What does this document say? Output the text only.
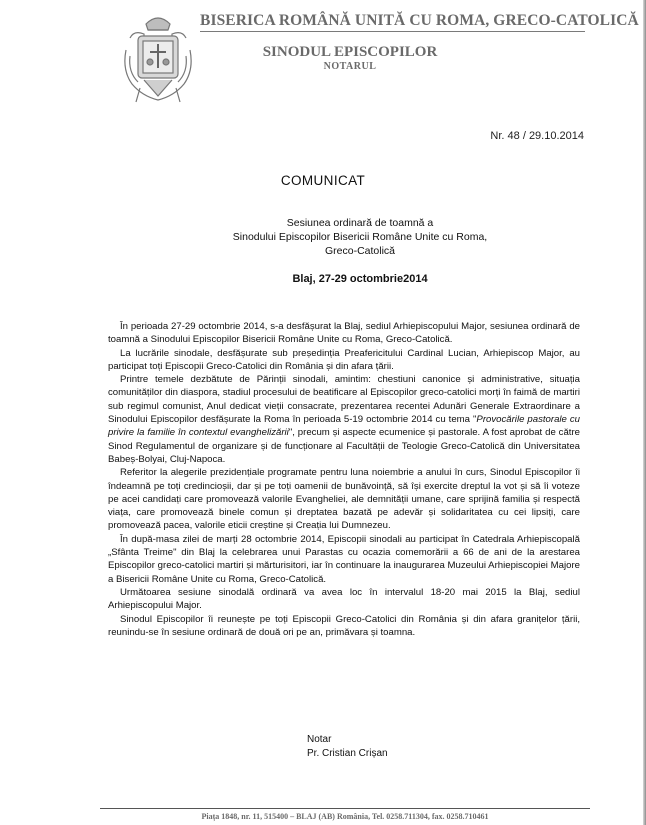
BISERICA ROMÂNĂ UNITĂ CU ROMA, GRECO-CATOLICĂ
SINODUL EPISCOPILOR
NOTARUL
Nr. 48 / 29.10.2014
COMUNICAT
Sesiunea ordinară de toamnă a
Sinodului Episcopilor Bisericii Române Unite cu Roma,
Greco-Catolică
Blaj, 27-29 octombrie2014

În perioada 27-29 octombrie 2014, s-a desfășurat la Blaj, sediul Arhiepiscopului Major, sesiunea ordinară de toamnă a Sinodului Episcopilor Bisericii Române Unite cu Roma, Greco-Catolică.

La lucrările sinodale, desfășurate sub președinția Preafericitului Cardinal Lucian, Arhiepiscop Major, au participat toți Episcopii Greco-Catolici din România și din afara țării.

Printre temele dezbătute de Părinții sinodali, amintim: chestiuni canonice și administrative, situația comunităților din diaspora, stadiul procesului de beatificare al Episcopilor greco-catolici morți în faimă de martiri sub regimul comunist, Anul dedicat vieții consacrate, prezentarea recentei Adunări Generale Extraordinare a Sinodului Episcopilor desfășurate la Roma în perioada 5-19 octombrie 2014 cu tema "Provocările pastorale cu privire la familie în contextul evanghelizării", precum și aspecte ecumenice și pastorale. A fost aprobat de către Sinod Regulamentul de organizare și de funcționare al Facultății de Teologie Greco-Catolică din Universitatea Babeș-Bolyai, Cluj-Napoca.

Referitor la alegerile prezidențiale programate pentru luna noiembrie a anului în curs, Sinodul Episcopilor îi îndeamnă pe toți credincioșii, dar și pe toți oamenii de bunăvoință, să își exercite dreptul la vot și să îi voteze pe acei candidați care promovează valorile Evangheliei, ale demnității umane, care sprijină familia și respectă viața, care promovează binele comun și dreptatea bazată pe adevăr și solidaritatea cu cei lipsiți, care promovează pacea, valorile eticii creștine și Creația lui Dumnezeu.

În după-masa zilei de marți 28 octombrie 2014, Episcopii sinodali au participat în Catedrala Arhiepiscopală „Sfânta Treime" din Blaj la celebrarea unui Parastas cu ocazia comemorării a 66 de ani de la arestarea Episcopilor greco-catolici martiri și mărturisitori, iar în continuare la inaugurarea Muzeului Arhiepiscopiei Majore a Bisericii Române Unite cu Roma, Greco-Catolică.

Următoarea sesiune sinodală ordinară va avea loc în intervalul 18-20 mai 2015 la Blaj, sediul Arhiepiscopului Major.

Sinodul Episcopilor îi reunește pe toți Episcopii Greco-Catolici din România și din afara granițelor țării, reunindu-se în sesiune ordinară de două ori pe an, primăvara și toamna.

Notar
Pr. Cristian Crișan
Piața 1848, nr. 11, 515400 – BLAJ (AB) România, Tel. 0258.711304, fax. 0258.710461
